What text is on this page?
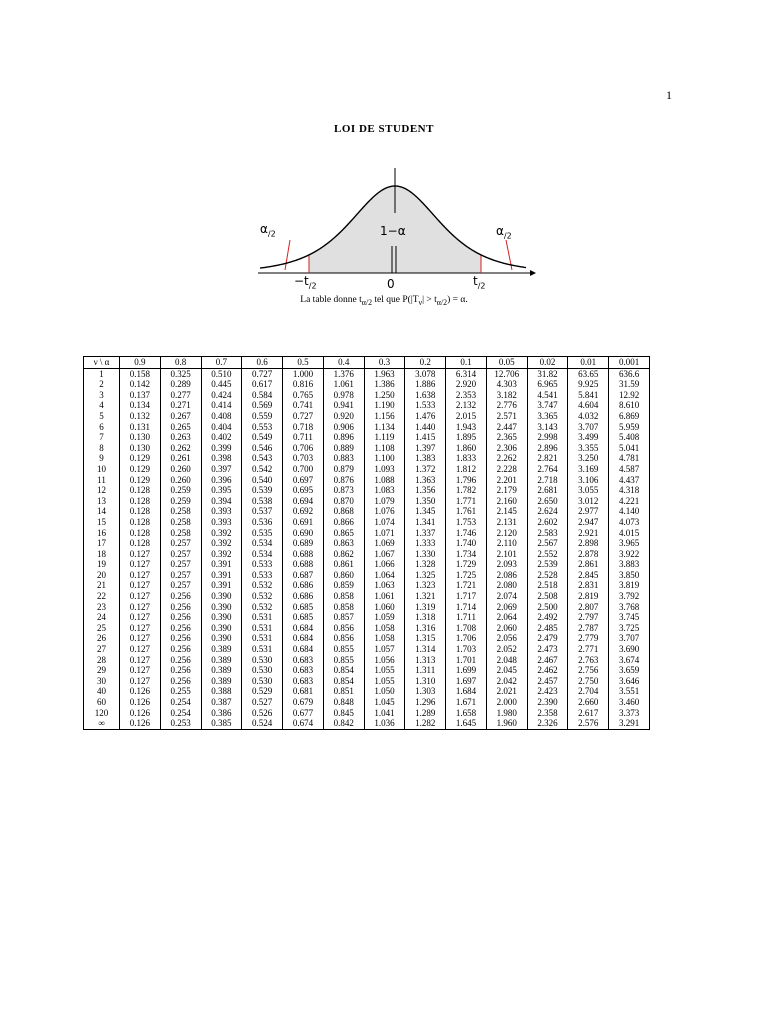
1
LOI DE STUDENT
$\alpha_{/2}$	1−α	$\alpha_{/2}$
$-t_{/2}$	0	$t_{/2}$
La table donne $t_{\alpha/2}$ tel que $P(|T_\nu| > t_{\alpha/2}) = \alpha$.
ν \ α	0.9	0.8	0.7	0.6	0.5	0.4	0.3	0.2	0.1	0.05	0.02	0.01	0.001
1	0.158	0.325	0.510	0.727	1.000	1.376	1.963	3.078	6.314	12.706	31.82	63.65	636.6
2	0.142	0.289	0.445	0.617	0.816	1.061	1.386	1.886	2.920	4.303	6.965	9.925	31.59
3	0.137	0.277	0.424	0.584	0.765	0.978	1.250	1.638	2.353	3.182	4.541	5.841	12.92
4	0.134	0.271	0.414	0.569	0.741	0.941	1.190	1.533	2.132	2.776	3.747	4.604	8.610
5	0.132	0.267	0.408	0.559	0.727	0.920	1.156	1.476	2.015	2.571	3.365	4.032	6.869
6	0.131	0.265	0.404	0.553	0.718	0.906	1.134	1.440	1.943	2.447	3.143	3.707	5.959
7	0.130	0.263	0.402	0.549	0.711	0.896	1.119	1.415	1.895	2.365	2.998	3.499	5.408
8	0.130	0.262	0.399	0.546	0.706	0.889	1.108	1.397	1.860	2.306	2.896	3.355	5.041
9	0.129	0.261	0.398	0.543	0.703	0.883	1.100	1.383	1.833	2.262	2.821	3.250	4.781
10	0.129	0.260	0.397	0.542	0.700	0.879	1.093	1.372	1.812	2.228	2.764	3.169	4.587
11	0.129	0.260	0.396	0.540	0.697	0.876	1.088	1.363	1.796	2.201	2.718	3.106	4.437
12	0.128	0.259	0.395	0.539	0.695	0.873	1.083	1.356	1.782	2.179	2.681	3.055	4.318
13	0.128	0.259	0.394	0.538	0.694	0.870	1.079	1.350	1.771	2.160	2.650	3.012	4.221
14	0.128	0.258	0.393	0.537	0.692	0.868	1.076	1.345	1.761	2.145	2.624	2.977	4.140
15	0.128	0.258	0.393	0.536	0.691	0.866	1.074	1.341	1.753	2.131	2.602	2.947	4.073
16	0.128	0.258	0.392	0.535	0.690	0.865	1.071	1.337	1.746	2.120	2.583	2.921	4.015
17	0.128	0.257	0.392	0.534	0.689	0.863	1.069	1.333	1.740	2.110	2.567	2.898	3.965
18	0.127	0.257	0.392	0.534	0.688	0.862	1.067	1.330	1.734	2.101	2.552	2.878	3.922
19	0.127	0.257	0.391	0.533	0.688	0.861	1.066	1.328	1.729	2.093	2.539	2.861	3.883
20	0.127	0.257	0.391	0.533	0.687	0.860	1.064	1.325	1.725	2.086	2.528	2.845	3.850
21	0.127	0.257	0.391	0.532	0.686	0.859	1.063	1.323	1.721	2.080	2.518	2.831	3.819
22	0.127	0.256	0.390	0.532	0.686	0.858	1.061	1.321	1.717	2.074	2.508	2.819	3.792
23	0.127	0.256	0.390	0.532	0.685	0.858	1.060	1.319	1.714	2.069	2.500	2.807	3.768
24	0.127	0.256	0.390	0.531	0.685	0.857	1.059	1.318	1.711	2.064	2.492	2.797	3.745
25	0.127	0.256	0.390	0.531	0.684	0.856	1.058	1.316	1.708	2.060	2.485	2.787	3.725
26	0.127	0.256	0.390	0.531	0.684	0.856	1.058	1.315	1.706	2.056	2.479	2.779	3.707
27	0.127	0.256	0.389	0.531	0.684	0.855	1.057	1.314	1.703	2.052	2.473	2.771	3.690
28	0.127	0.256	0.389	0.530	0.683	0.855	1.056	1.313	1.701	2.048	2.467	2.763	3.674
29	0.127	0.256	0.389	0.530	0.683	0.854	1.055	1.311	1.699	2.045	2.462	2.756	3.659
30	0.127	0.256	0.389	0.530	0.683	0.854	1.055	1.310	1.697	2.042	2.457	2.750	3.646
40	0.126	0.255	0.388	0.529	0.681	0.851	1.050	1.303	1.684	2.021	2.423	2.704	3.551
60	0.126	0.254	0.387	0.527	0.679	0.848	1.045	1.296	1.671	2.000	2.390	2.660	3.460
120	0.126	0.254	0.386	0.526	0.677	0.845	1.041	1.289	1.658	1.980	2.358	2.617	3.373
∞	0.126	0.253	0.385	0.524	0.674	0.842	1.036	1.282	1.645	1.960	2.326	2.576	3.291
